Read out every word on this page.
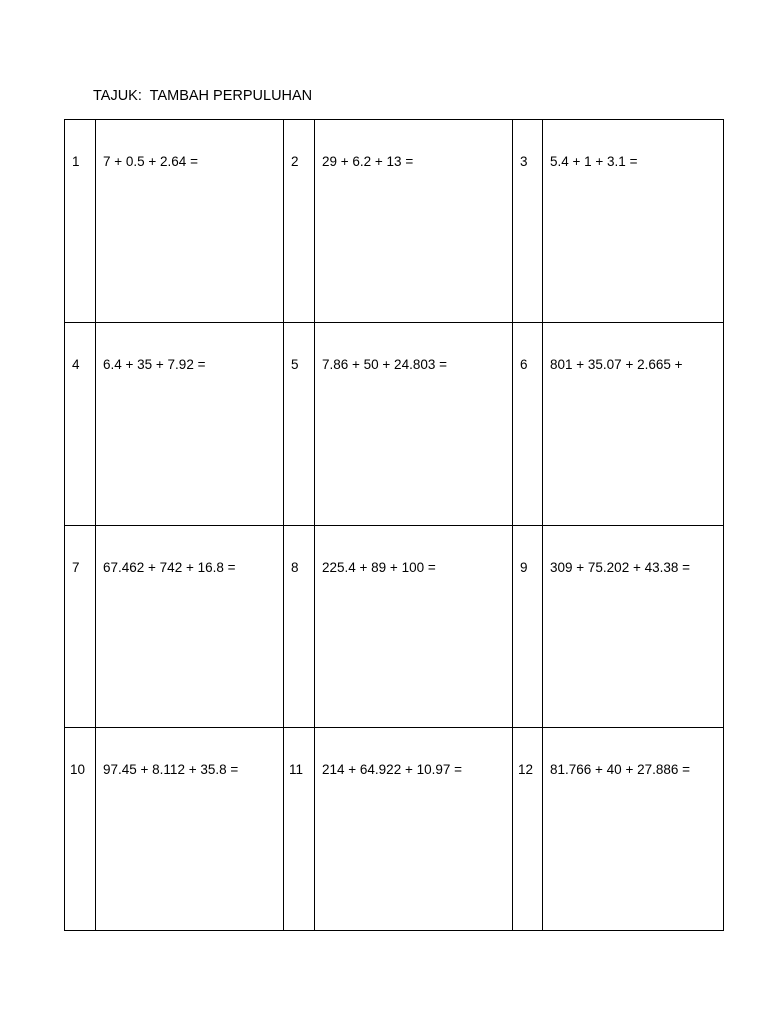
TAJUK:  TAMBAH PERPULUHAN
1	7 + 0.5 + 2.64 =	2	29 + 6.2 + 13 =	3	5.4 + 1 + 3.1 =

4	6.4 + 35 + 7.92 =	5	7.86 + 50 + 24.803 =	6	801 + 35.07 + 2.665 +

7	67.462 + 742 + 16.8 =	8	225.4 + 89 + 100 =	9	309 + 75.202 + 43.38 =

10	97.45 + 8.112 + 35.8 =	11	214 + 64.922 + 10.97 =	12	81.766 + 40 + 27.886 =
